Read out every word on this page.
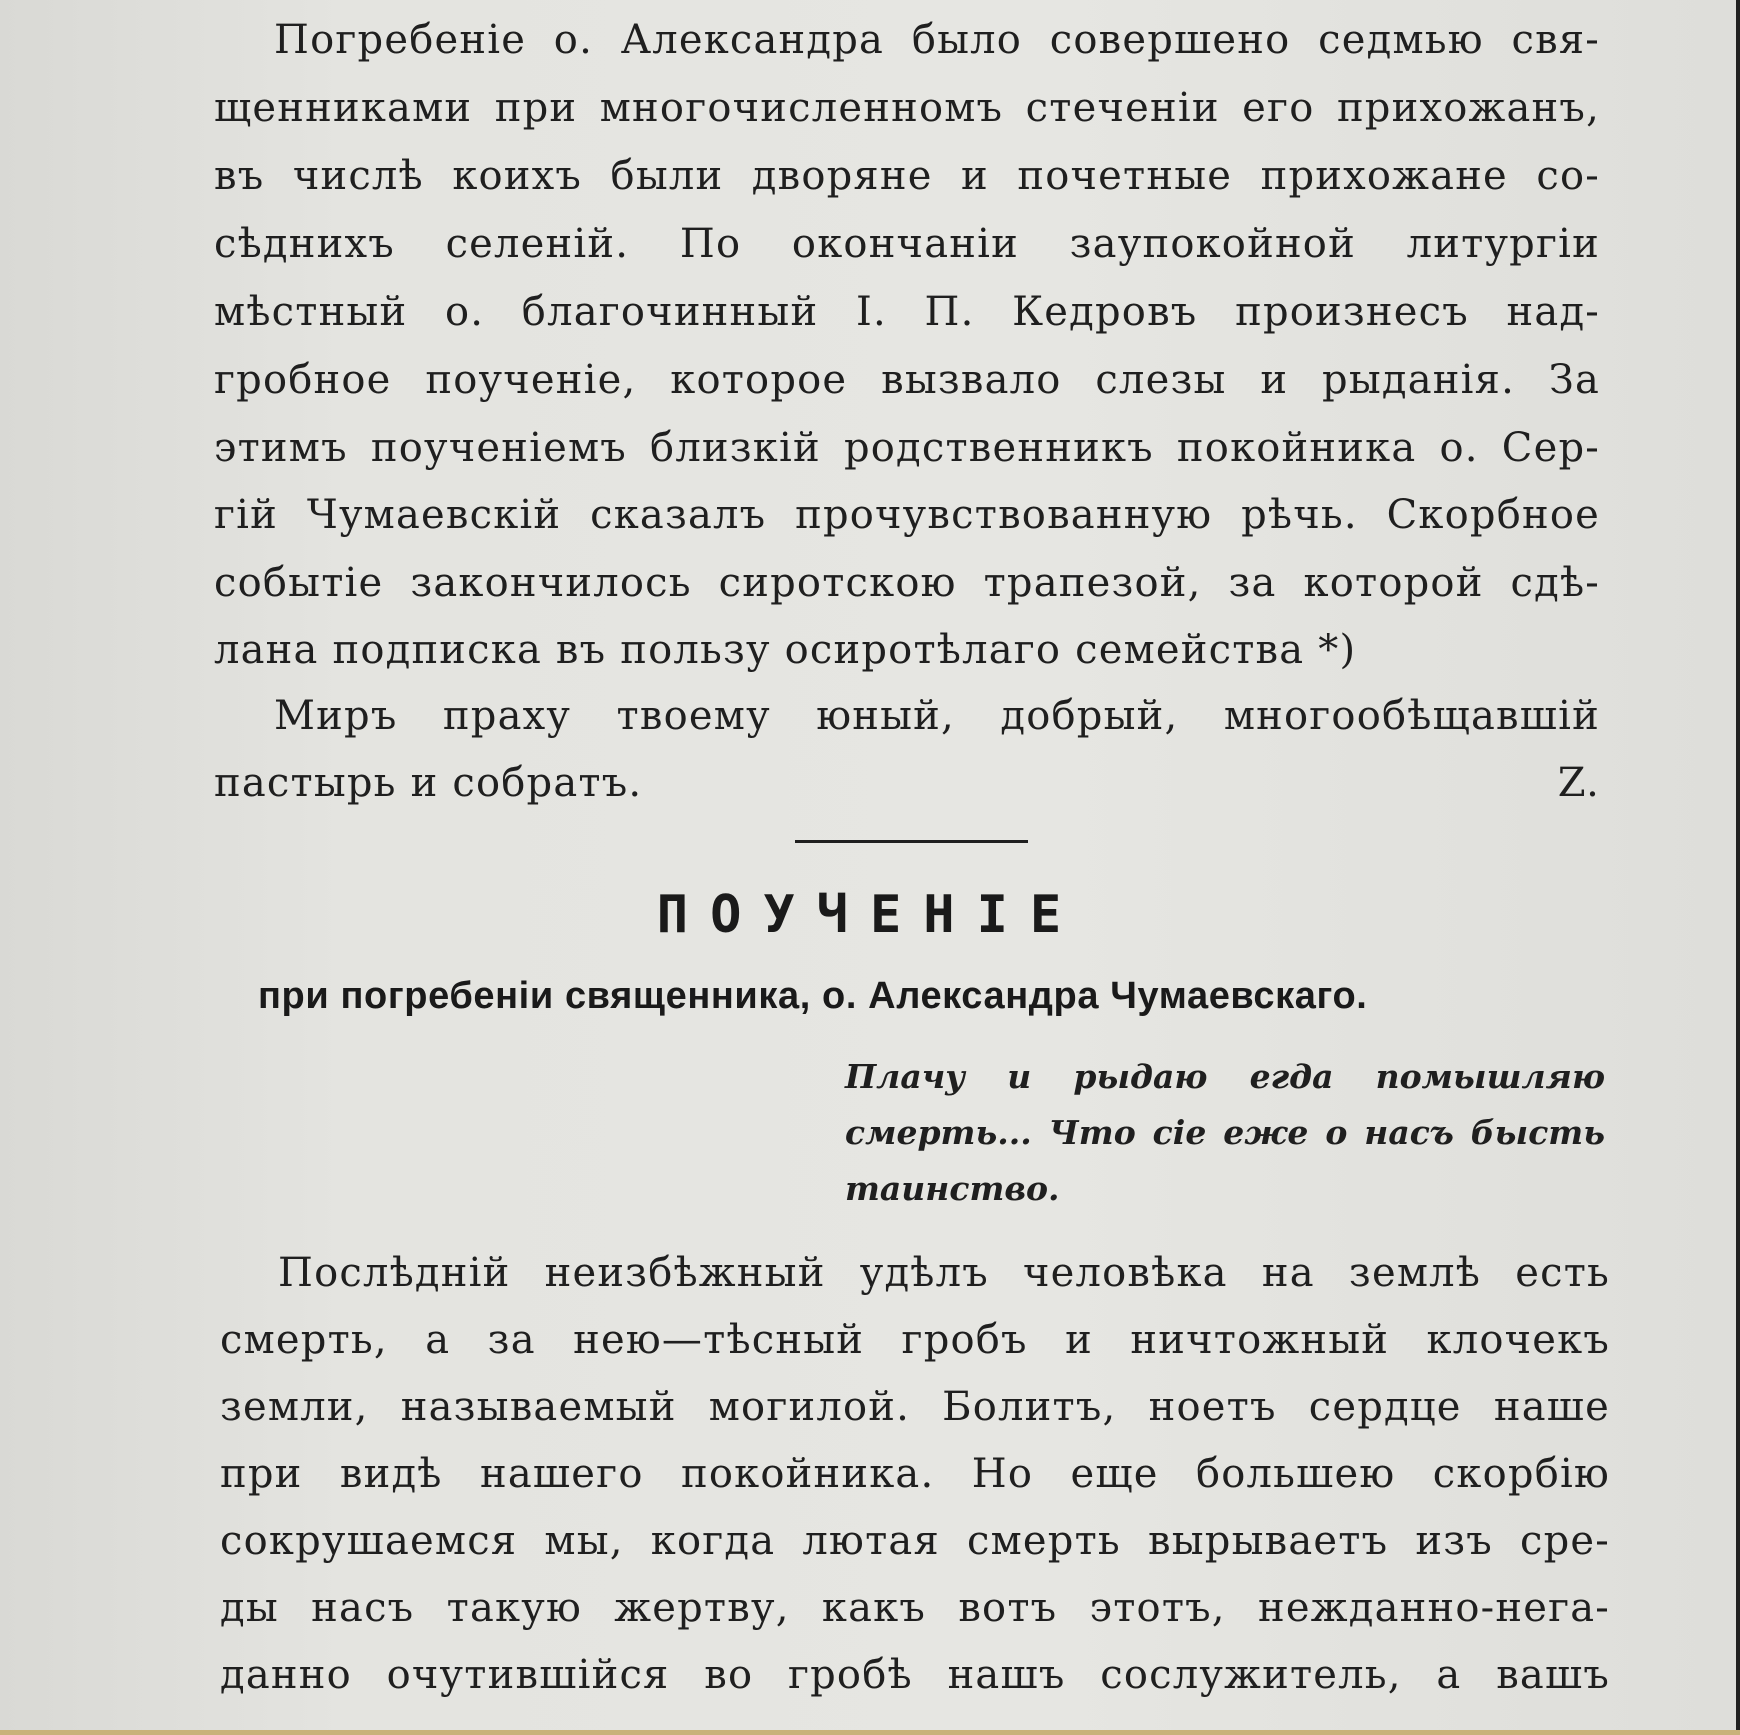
Погребеніе о. Александра было совершено седмью свя-
щенниками при многочисленномъ стеченіи его прихожанъ,
въ числѣ коихъ были дворяне и почетные прихожане со-
сѣднихъ селеній. По окончаніи заупокойной литургіи
мѣстный о. благочинный І. П. Кедровъ произнесъ над-
гробное поученіе, которое вызвало слезы и рыданія. За
этимъ поученіемъ близкій родственникъ покойника о. Сер-
гій Чумаевскій сказалъ прочувствованную рѣчь. Скорбное
событіе закончилось сиротскою трапезой, за которой сдѣ-
лана подписка въ пользу осиротѣлаго семейства *)
Миръ праху твоему юный, добрый, многообѣщавшій
пастырь и собратъ.	Z.
ПОУЧЕНІЕ
при погребеніи священника, о. Александра Чумаевскаго.
Плачу и рыдаю егда помышляю
смерть... Что сіе еже о насъ бысть
таинство.
Послѣдній неизбѣжный удѣлъ человѣка на землѣ есть
смерть, а за нею—тѣсный гробъ и ничтожный клочекъ
земли, называемый могилой. Болитъ, ноетъ сердце наше
при видѣ нашего покойника. Но еще большею скорбію
сокрушаемся мы, когда лютая смерть вырываетъ изъ сре-
ды насъ такую жертву, какъ вотъ этотъ, нежданно-нега-
данно очутившійся во гробѣ нашъ сослужитель, а вашъ
